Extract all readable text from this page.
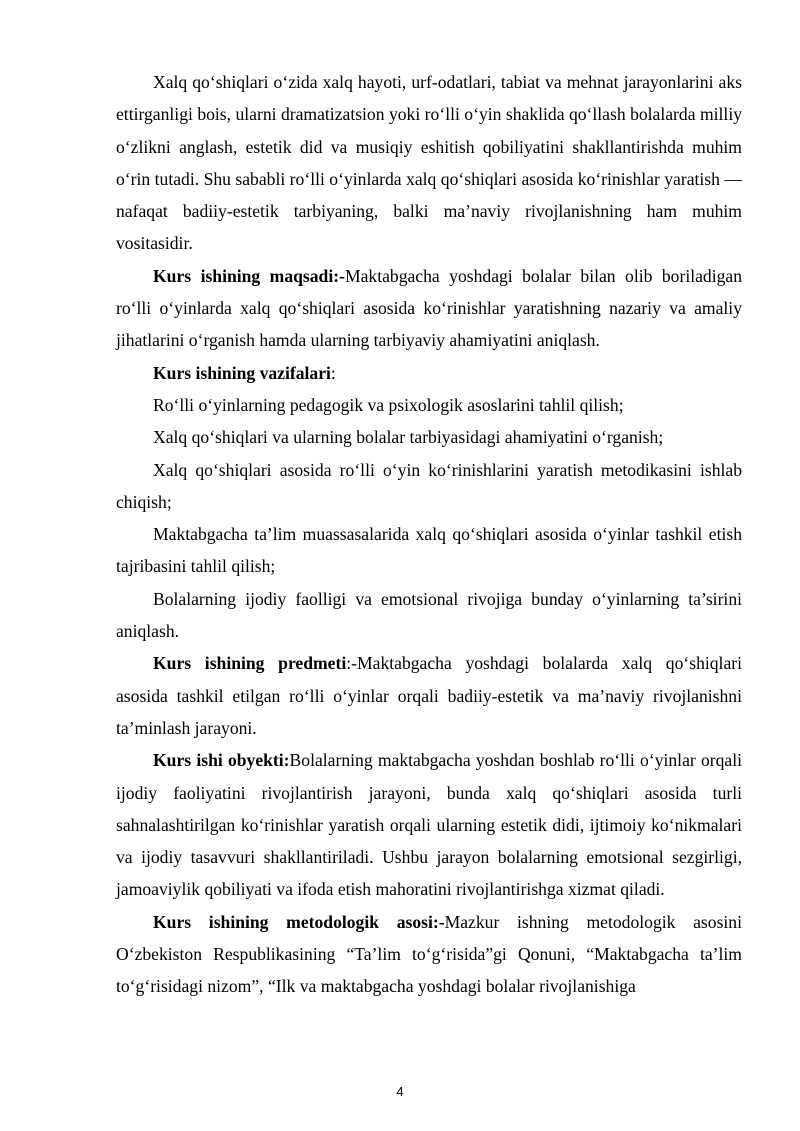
Xalq qo‘shiqlari o‘zida xalq hayoti, urf-odatlari, tabiat va mehnat jarayonlarini aks ettirganligi bois, ularni dramatizatsion yoki ro‘lli o‘yin shaklida qo‘llash bolalarda milliy o‘zlikni anglash, estetik did va musiqiy eshitish qobiliyatini shakllantirishda muhim o‘rin tutadi. Shu sababli ro‘lli o‘yinlarda xalq qo‘shiqlari asosida ko‘rinishlar yaratish — nafaqat badiiy-estetik tarbiyaning, balki ma’naviy rivojlanishning ham muhim vositasidir.

Kurs ishining maqsadi:-Maktabgacha yoshdagi bolalar bilan olib boriladigan ro‘lli o‘yinlarda xalq qo‘shiqlari asosida ko‘rinishlar yaratishning nazariy va amaliy jihatlarini o‘rganish hamda ularning tarbiyaviy ahamiyatini aniqlash.

Kurs ishining vazifalari:

Ro‘lli o‘yinlarning pedagogik va psixologik asoslarini tahlil qilish;

Xalq qo‘shiqlari va ularning bolalar tarbiyasidagi ahamiyatini o‘rganish;

Xalq qo‘shiqlari asosida ro‘lli o‘yin ko‘rinishlarini yaratish metodikasini ishlab chiqish;

Maktabgacha ta’lim muassasalarida xalq qo‘shiqlari asosida o‘yinlar tashkil etish tajribasini tahlil qilish;

Bolalarning ijodiy faolligi va emotsional rivojiga bunday o‘yinlarning ta’sirini aniqlash.

Kurs ishining predmeti:-Maktabgacha yoshdagi bolalarda xalq qo‘shiqlari asosida tashkil etilgan ro‘lli o‘yinlar orqali badiiy-estetik va ma’naviy rivojlanishni ta’minlash jarayoni.

Kurs ishi obyekti:Bolalarning maktabgacha yoshdan boshlab ro‘lli o‘yinlar orqali ijodiy faoliyatini rivojlantirish jarayoni, bunda xalq qo‘shiqlari asosida turli sahnalashtirilgan ko‘rinishlar yaratish orqali ularning estetik didi, ijtimoiy ko‘nikmalari va ijodiy tasavvuri shakllantiriladi. Ushbu jarayon bolalarning emotsional sezgirligi, jamoaviylik qobiliyati va ifoda etish mahoratini rivojlantirishga xizmat qiladi.

Kurs ishining metodologik asosi:-Mazkur ishning metodologik asosini O‘zbekiston Respublikasining “Ta’lim to‘g‘risida”gi Qonuni, “Maktabgacha ta’lim to‘g‘risidagi nizom”, “Ilk va maktabgacha yoshdagi bolalar rivojlanishiga

4
